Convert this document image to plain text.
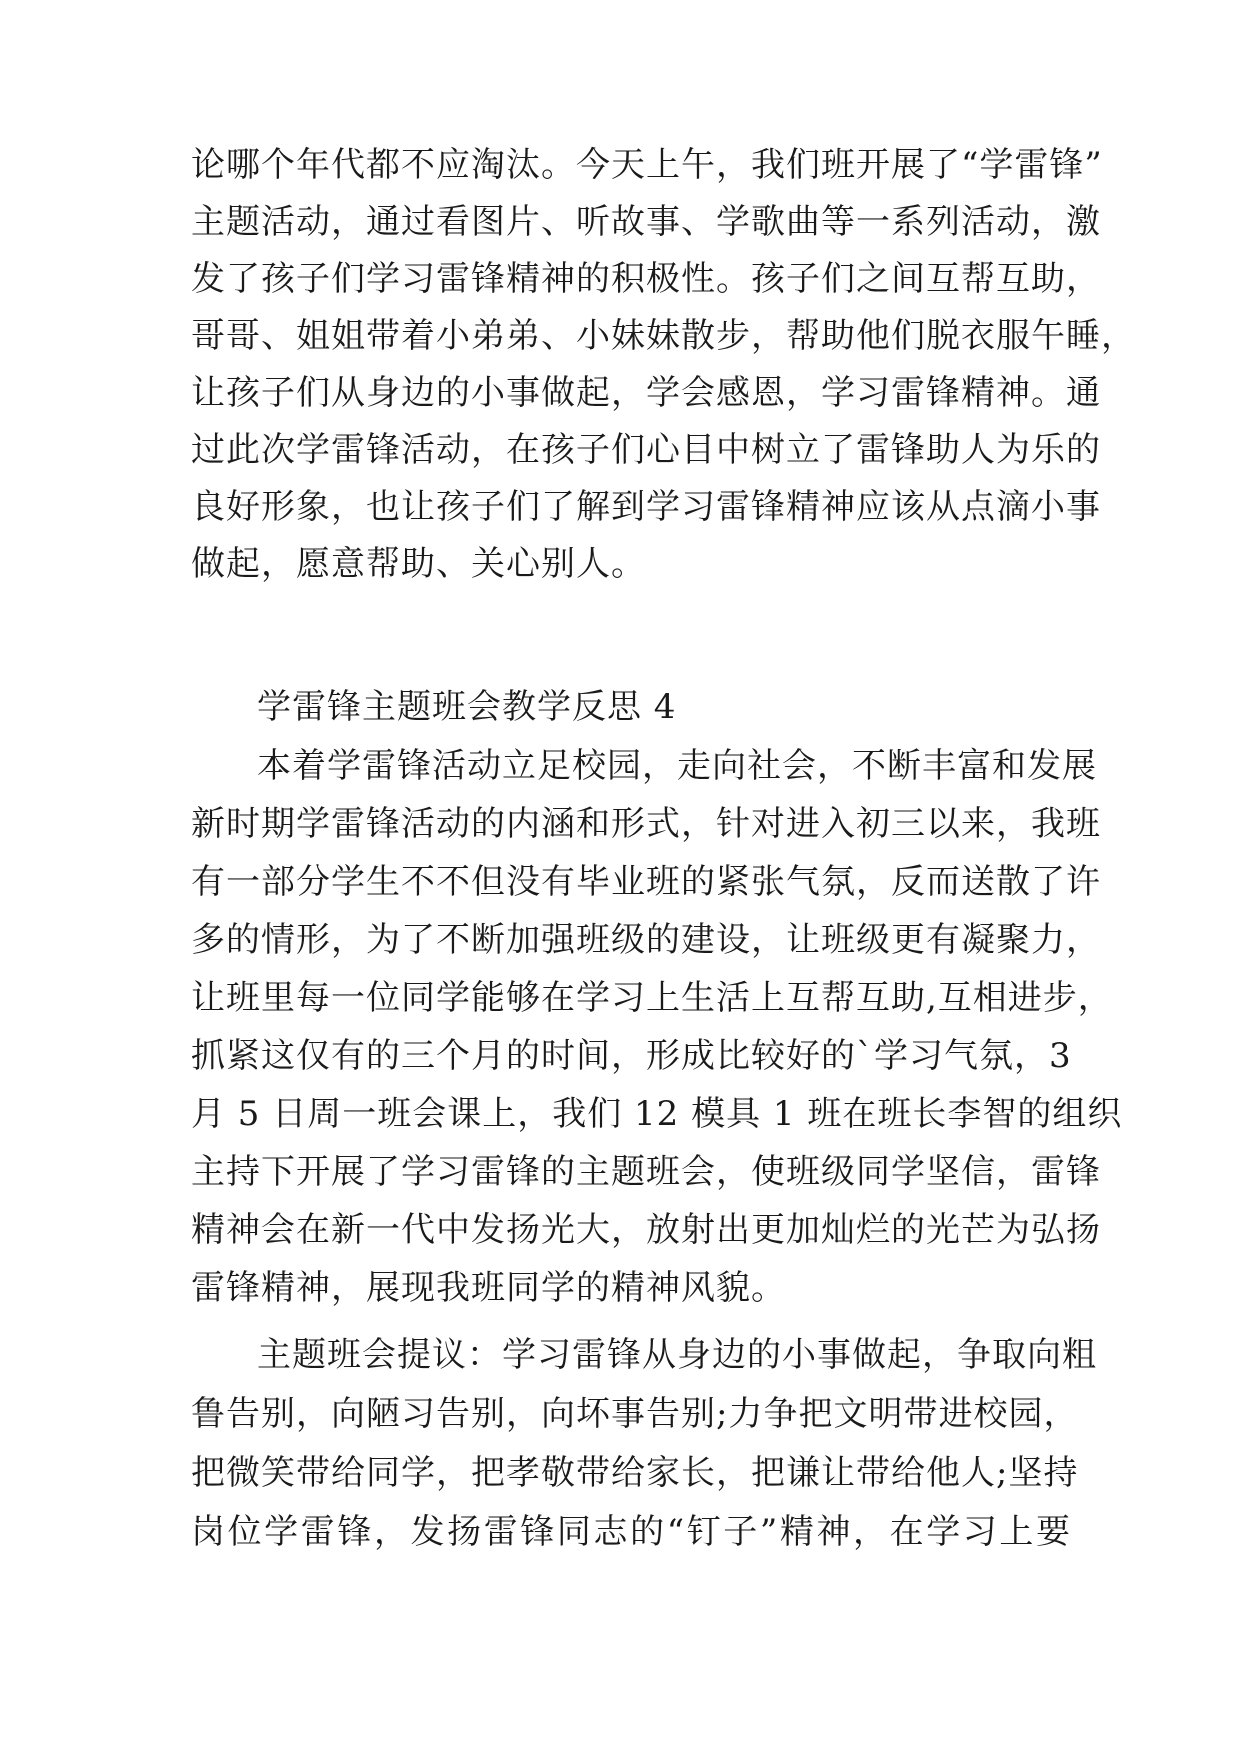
论哪个年代都不应淘汰。今天上午，我们班开展了“学雷锋”
主题活动，通过看图片、听故事、学歌曲等一系列活动，激
发了孩子们学习雷锋精神的积极性。孩子们之间互帮互助，
哥哥、姐姐带着小弟弟、小妹妹散步，帮助他们脱衣服午睡，
让孩子们从身边的小事做起，学会感恩，学习雷锋精神。通
过此次学雷锋活动，在孩子们心目中树立了雷锋助人为乐的
良好形象，也让孩子们了解到学习雷锋精神应该从点滴小事
做起，愿意帮助、关心别人。
学雷锋主题班会教学反思 4
本着学雷锋活动立足校园，走向社会，不断丰富和发展
新时期学雷锋活动的内涵和形式，针对进入初三以来，我班
有一部分学生不不但没有毕业班的紧张气氛，反而送散了许
多的情形，为了不断加强班级的建设，让班级更有凝聚力，
让班里每一位同学能够在学习上生活上互帮互助,互相进步，
抓紧这仅有的三个月的时间，形成比较好的`学习气氛，3
月 5 日周一班会课上，我们 12 模具 1 班在班长李智的组织
主持下开展了学习雷锋的主题班会，使班级同学坚信，雷锋
精神会在新一代中发扬光大，放射出更加灿烂的光芒为弘扬
雷锋精神，展现我班同学的精神风貌。
主题班会提议：学习雷锋从身边的小事做起，争取向粗
鲁告别，向陋习告别，向坏事告别;力争把文明带进校园，
把微笑带给同学，把孝敬带给家长，把谦让带给他人;坚持
岗位学雷锋，发扬雷锋同志的“钉子”精神，在学习上要
